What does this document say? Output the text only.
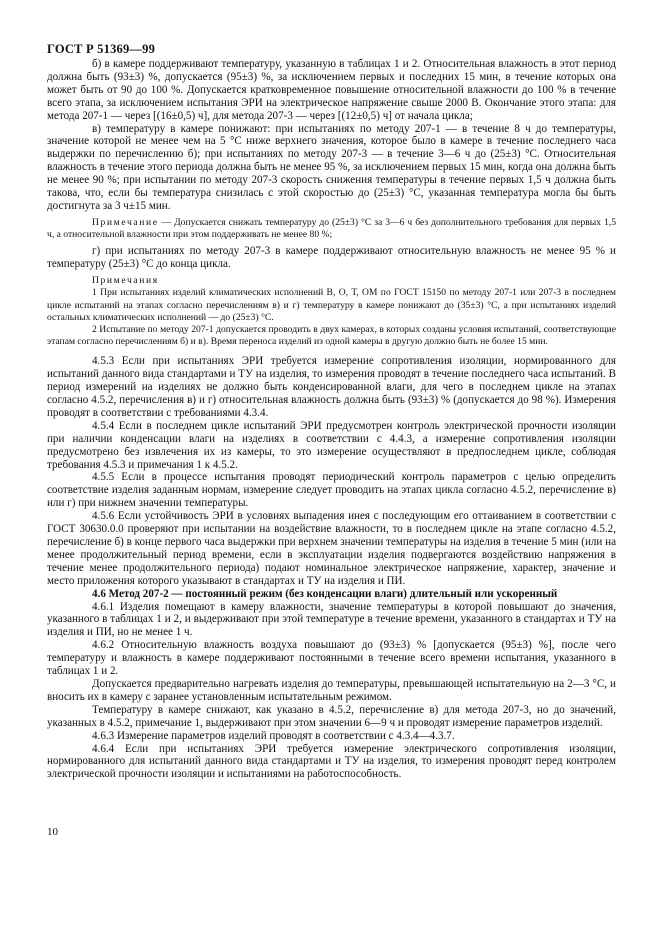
ГОСТ Р 51369—99

б) в камере поддерживают температуру, указанную в таблицах 1 и 2. Относительная влажность в этот период должна быть (93±3) %, допускается (95±3) %, за исключением первых и последних 15 мин, в течение которых она может быть от 90 до 100 %. Допускается кратковременное повышение относительной влажности до 100 % в течение всего этапа, за исключением испытания ЭРИ на электрическое напряжение свыше 2000 В. Окончание этого этапа: для метода 207-1 — через [(16±0,5) ч], для метода 207-3 — через [(12±0,5) ч] от начала цикла;

в) температуру в камере понижают: при испытаниях по методу 207-1 — в течение 8 ч до температуры, значение которой не менее чем на 5 °С ниже верхнего значения, которое было в камере в течение последнего часа выдержки по перечислению б); при испытаниях по методу 207-3 — в течение 3—6 ч до (25±3) °С. Относительная влажность в течение этого периода должна быть не менее 95 %, за исключением первых 15 мин, когда она должна быть не менее 90 %; при испытании по методу 207-3 скорость снижения температуры в течение первых 1,5 ч должна быть такова, что, если бы температура снизилась с этой скоростью до (25±3) °С, указанная температура могла бы быть достигнута за 3 ч±15 мин.

Примечание — Допускается снижать температуру до (25±3) °С за 3—6 ч без дополнительного требования для первых 1,5 ч, а относительной влажности при этом поддерживать не менее 80 %;

г) при испытаниях по методу 207-3 в камере поддерживают относительную влажность не менее 95 % и температуру (25±3) °С до конца цикла.

Примечания

1 При испытаниях изделий климатических исполнений В, О, Т, ОМ по ГОСТ 15150 по методу 207-1 или 207-3 в последнем цикле испытаний на этапах согласно перечислениям в) и г) температуру в камере понижают до (35±3) °С, а при испытаниях изделий остальных климатических исполнений — до (25±3) °С.

2 Испытание по методу 207-1 допускается проводить в двух камерах, в которых созданы условия испытаний, соответствующие этапам согласно перечислениям б) и в). Время переноса изделий из одной камеры в другую должно быть не более 15 мин.

4.5.3 Если при испытаниях ЭРИ требуется измерение сопротивления изоляции, нормированного для испытаний данного вида стандартами и ТУ на изделия, то измерения проводят в течение последнего часа испытаний. В период измерений на изделиях не должно быть конденсированной влаги, для чего в последнем цикле на этапах согласно 4.5.2, перечисления в) и г) относительная влажность должна быть (93±3) % (допускается до 98 %). Измерения проводят в соответствии с требованиями 4.3.4.

4.5.4 Если в последнем цикле испытаний ЭРИ предусмотрен контроль электрической прочности изоляции при наличии конденсации влаги на изделиях в соответствии с 4.4.3, а измерение сопротивления изоляции предусмотрено без извлечения их из камеры, то это измерение осуществляют в предпоследнем цикле, соблюдая требования 4.5.3 и примечания 1 к 4.5.2.

4.5.5 Если в процессе испытания проводят периодический контроль параметров с целью определить соответствие изделия заданным нормам, измерение следует проводить на этапах цикла согласно 4.5.2, перечисление в) или г) при нижнем значении температуры.

4.5.6 Если устойчивость ЭРИ в условиях выпадения инея с последующим его оттаиванием в соответствии с ГОСТ 30630.0.0 проверяют при испытании на воздействие влажности, то в последнем цикле на этапе согласно 4.5.2, перечисление б) в конце первого часа выдержки при верхнем значении температуры на изделия в течение 5 мин (или на менее продолжительный период времени, если в эксплуатации изделия подвергаются воздействию напряжения в течение менее продолжительного периода) подают номинальное электрическое напряжение, характер, значение и место приложения которого указывают в стандартах и ТУ на изделия и ПИ.

4.6 Метод 207-2 — постоянный режим (без конденсации влаги) длительный или ускоренный

4.6.1 Изделия помещают в камеру влажности, значение температуры в которой повышают до значения, указанного в таблицах 1 и 2, и выдерживают при этой температуре в течение времени, указанного в стандартах и ТУ на изделия и ПИ, но не менее 1 ч.

4.6.2 Относительную влажность воздуха повышают до (93±3) % [допускается (95±3) %], после чего температуру и влажность в камере поддерживают постоянными в течение всего времени испытания, указанного в таблицах 1 и 2.

Допускается предварительно нагревать изделия до температуры, превышающей испытательную на 2—3 °С, и вносить их в камеру с заранее установленным испытательным режимом.

Температуру в камере снижают, как указано в 4.5.2, перечисление в) для метода 207-3, но до значений, указанных в 4.5.2, примечание 1, выдерживают при этом значении 6—9 ч и проводят измерение параметров изделий.

4.6.3 Измерение параметров изделий проводят в соответствии с 4.3.4—4.3.7.

4.6.4 Если при испытаниях ЭРИ требуется измерение электрического сопротивления изоляции, нормированного для испытаний данного вида стандартами и ТУ на изделия, то измерения проводят перед контролем электрической прочности изоляции и испытаниями на работоспособность.

10
